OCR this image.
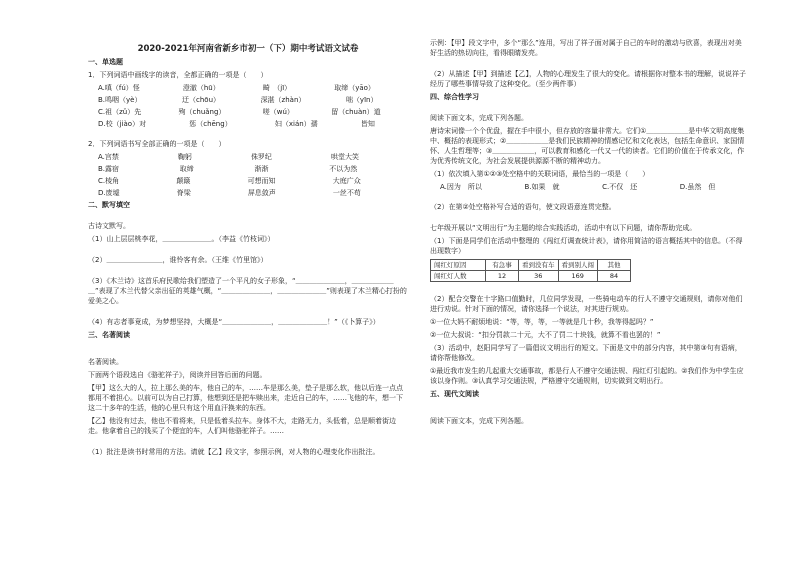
2020-2021年河南省新乡市初一（下）期中考试语文试卷
一、单选题
1．下列词语中画线字的读音，全都正确的一项是（　　）
A.嗔（fú）怪	澄澈（hū）	畸　（jī）	取缔（yāo）
B.鸣咽（yè）	迂（chōu）	深湛（zhàn）	咄（yīn）
C.祖（zǔ）先	殉（chuǎng）	嗟（wú）	留（chuàn）道
D.校（jiào）对	惩（chēng）	妇（xián）孺	皆知
2．下列词语书写全部正确的一项是（　　）
A.宫禁	鞠躬	侏罗纪	哄堂大笑
B.露宿	取缔	渐渐	不以为然
C.棱角	颠簸	可想而知	大庭广众
D.废墟	脊梁	屏息敛声	一丝不苟
二、默写填空
古诗文默写。
（1）山上层层桃李花，＿＿＿＿＿＿＿。（李益《竹枝词》）
（2）＿＿＿＿＿＿＿＿，谁怜客有余。（王维《竹里馆》）
（3）《木兰诗》这首乐府民歌给我们塑造了一个平凡的女子形象，“＿＿＿＿＿＿＿，＿＿＿＿＿＿＿”表现了木兰代替父亲出征的英雄气概，“＿＿＿＿＿＿＿，＿＿＿＿＿＿＿”则表现了木兰精心打扮的爱美之心。
（4）有志者事竟成，为梦想坚持，大概是“＿＿＿＿＿＿＿，＿＿＿＿＿＿＿！”（《卜算子》）
三、名著阅读
名著阅读。
下面两个语段选自《骆驼祥子》，阅读并回答后面的问题。
【甲】这么大的人，拉上那么美的车，他自己的车，……车是那么美，垫子是那么软，他以后连一点点都用不着担心。以前可以为自己打算，他想到还是把车赎出来，走近自己的车，……飞他的车，想一下这二十多年的生活，他的心里只有这个用血汗换来的东西。
【乙】他没有过去，他也不看将来，只是低着头拉车。身体不大，走路无力，头低着，总是顺着街边走。他拿着自己的钱买了个便宜的车，人们叫他骆驼祥子。……
（1）批注是读书时常用的方法。请就【乙】段文字，参照示例，对人物的心理变化作出批注。
示例：【甲】段文字中，多个“那么”连用，写出了祥子面对属于自己的车时的激动与欣喜，表现出对美好生活的热切向往，看得眼睛发亮。
（2）从描述【甲】到描述【乙】，人物的心理发生了很大的变化。请根据你对整本书的理解，说说祥子经历了哪些事情导致了这种变化。（至少两件事）
四、综合性学习
阅读下面文本，完成下列各题。
唐诗宋词像一个个优盘，握在手中很小，但存放的容量非常大。它们①＿＿＿＿＿＿是中华文明高度集中、概括的表现形式；②＿＿＿＿＿＿是我们民族精神的情感记忆和文化表达，包括生命意识、家国情怀、人生哲理等；③＿＿＿＿＿＿，可以教育和感化一代又一代的读者。它们的价值在于传承文化，作为优秀传统文化，为社会发展提供源源不断的精神动力。
（1）依次填入第①②③处空格中的关联词语，最恰当的一项是（　　）
A.因为　所以	B.如果　就	C.不仅　还	D.虽然　但
（2）在第②处空格补写合适的语句，使文段语意连贯完整。
七年级开展以“文明出行”为主题的综合实践活动，活动中有以下问题，请你帮助完成。
（1）下面是同学们在活动中整理的《闯红灯调查统计表》，请你用简洁的语言概括其中的信息。（不得出现数字）
闯红灯原因	有急事	看到没有车	看到别人闯	其他
闯红灯人数	12	36	169	84
（2）配合交警在十字路口值勤时，几位同学发现，一些骑电动车的行人不遵守交通规则，请你对他们进行劝说。针对下面的情况，请你选择一个说法，对其进行规劝。
①一位大妈不耐烦地说：“等，等，等，一等就是几十秒，我等得起吗？”
②一位大叔说：“扣分罚款二十元，大不了罚二十块钱，就算不看也罢的！”
（3）活动中，赵阳同学写了一篇倡议文明出行的短文。下面是文中的部分内容，其中第③句有语病，请你帮他修改。
①最近我市发生的几起重大交通事故，都是行人不遵守交通法规、闯红灯引起的。②我们作为中学生应该以身作则。③认真学习交通法规，严格遵守交通规则，切实做到文明出行。
五、现代文阅读
阅读下面文本，完成下列各题。
